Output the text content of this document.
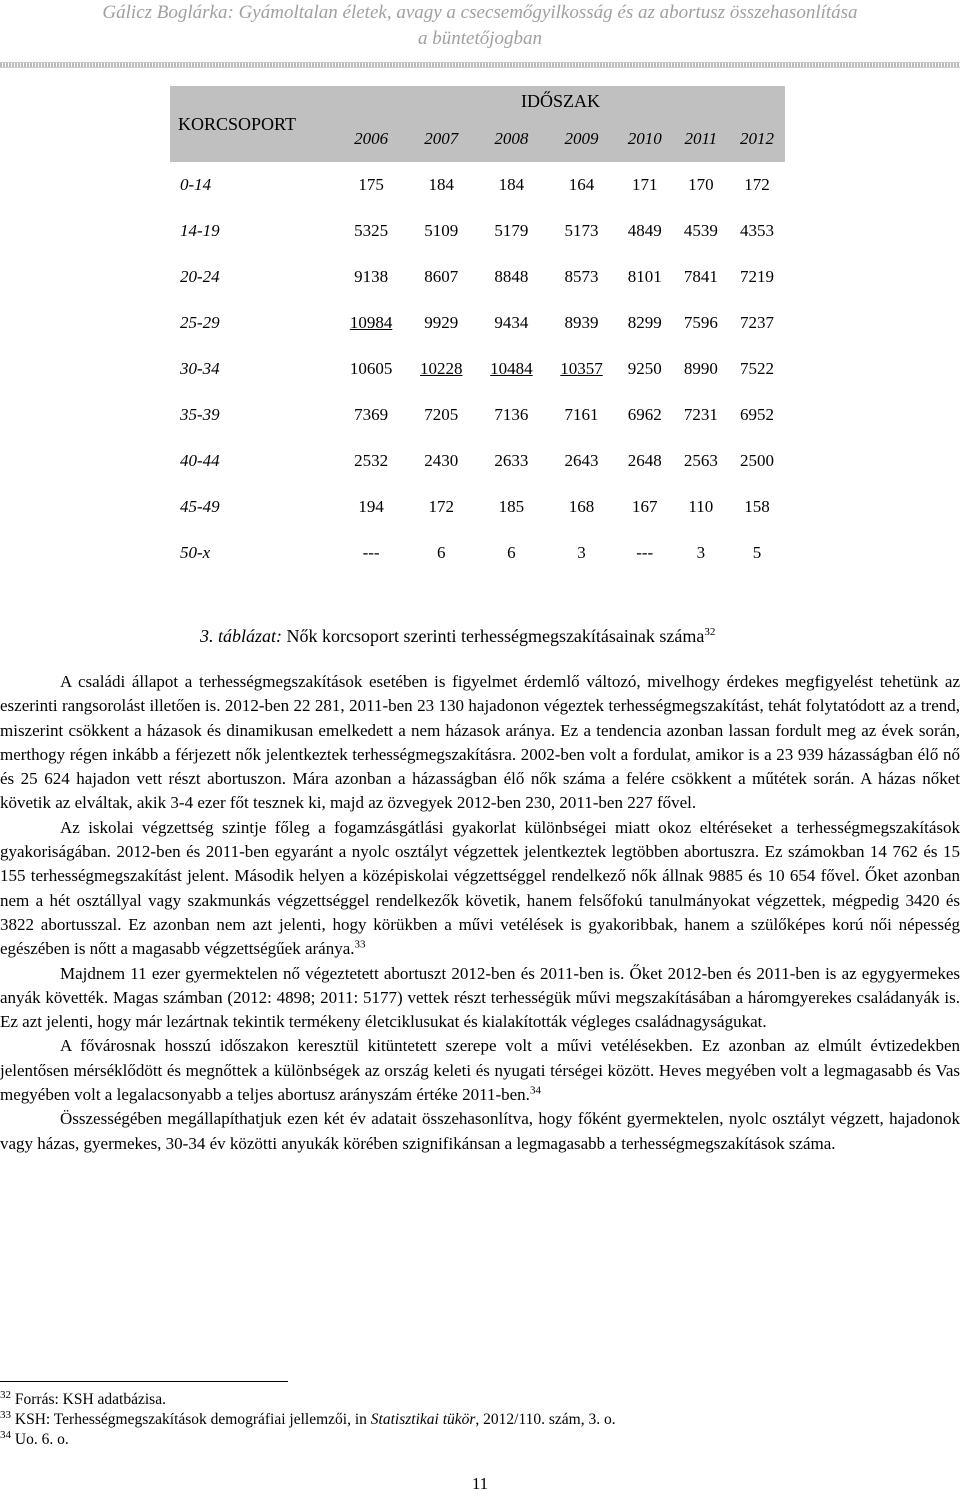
Gálicz Boglárka: Gyámoltalan életek, avagy a csecsemőgyilkosság és az abortusz összehasonlítása
a büntetőjogban
KORCSOPORT	IDŐSZAK						
	2006	2007	2008	2009	2010	2011	2012
0-14	175	184	184	164	171	170	172
14-19	5325	5109	5179	5173	4849	4539	4353
20-24	9138	8607	8848	8573	8101	7841	7219
25-29	10984	9929	9434	8939	8299	7596	7237
30-34	10605	10228	10484	10357	9250	8990	7522
35-39	7369	7205	7136	7161	6962	7231	6952
40-44	2532	2430	2633	2643	2648	2563	2500
45-49	194	172	185	168	167	110	158
50-x	---	6	6	3	---	3	5
3. táblázat: Nők korcsoport szerinti terhességmegszakításainak száma$^{32}$

A családi állapot a terhességmegszakítások esetében is figyelmet érdemlő változó, mivelhogy érdekes megfigyelést tehetünk az eszerinti rangsorolást illetően is. 2012-ben 22 281, 2011-ben 23 130 hajadonon végeztek terhességmegszakítást, tehát folytatódott az a trend, miszerint csökkent a házasok és dinamikusan emelkedett a nem házasok aránya. Ez a tendencia azonban lassan fordult meg az évek során, merthogy régen inkább a férjezett nők jelentkeztek terhességmegszakításra. 2002-ben volt a fordulat, amikor is a 23 939 házasságban élő nő és 25 624 hajadon vett részt abortuszon. Mára azonban a házasságban élő nők száma a felére csökkent a műtétek során. A házas nőket követik az elváltak, akik 3-4 ezer főt tesznek ki, majd az özvegyek 2012-ben 230, 2011-ben 227 fővel.

Az iskolai végzettség szintje főleg a fogamzásgátlási gyakorlat különbségei miatt okoz eltéréseket a terhességmegszakítások gyakoriságában. 2012-ben és 2011-ben egyaránt a nyolc osztályt végzettek jelentkeztek legtöbben abortuszra. Ez számokban 14 762 és 15 155 terhességmegszakítást jelent. Második helyen a középiskolai végzettséggel rendelkező nők állnak 9885 és 10 654 fővel. Őket azonban nem a hét osztállyal vagy szakmunkás végzettséggel rendelkezők követik, hanem felsőfokú tanulmányokat végzettek, mégpedig 3420 és 3822 abortusszal. Ez azonban nem azt jelenti, hogy körükben a művi vetélések is gyakoribbak, hanem a szülőképes korú női népesség egészében is nőtt a magasabb végzettségűek aránya.$^{33}$

Majdnem 11 ezer gyermektelen nő végeztetett abortuszt 2012-ben és 2011-ben is. Őket 2012-ben és 2011-ben is az egygyermekes anyák követték. Magas számban (2012: 4898; 2011: 5177) vettek részt terhességük művi megszakításában a háromgyerekes családanyák is. Ez azt jelenti, hogy már lezártnak tekintik termékeny életciklusukat és kialakították végleges családnagyságukat.

A fővárosnak hosszú időszakon keresztül kitüntetett szerepe volt a művi vetélésekben. Ez azonban az elmúlt évtizedekben jelentősen mérséklődött és megnőttek a különbségek az ország keleti és nyugati térségei között. Heves megyében volt a legmagasabb és Vas megyében volt a legalacsonyabb a teljes abortusz arányszám értéke 2011-ben.$^{34}$

Összességében megállapíthatjuk ezen két év adatait összehasonlítva, hogy főként gyermektelen, nyolc osztályt végzett, hajadonok vagy házas, gyermekes, 30-34 év közötti anyukák körében szignifikánsan a legmagasabb a terhességmegszakítások száma.

$^{32}$ Forrás: KSH adatbázisa.
$^{33}$ KSH: Terhességmegszakítások demográfiai jellemzői, in Statisztikai tükör, 2012/110. szám, 3. o.
$^{34}$ Uo. 6. o.
11
